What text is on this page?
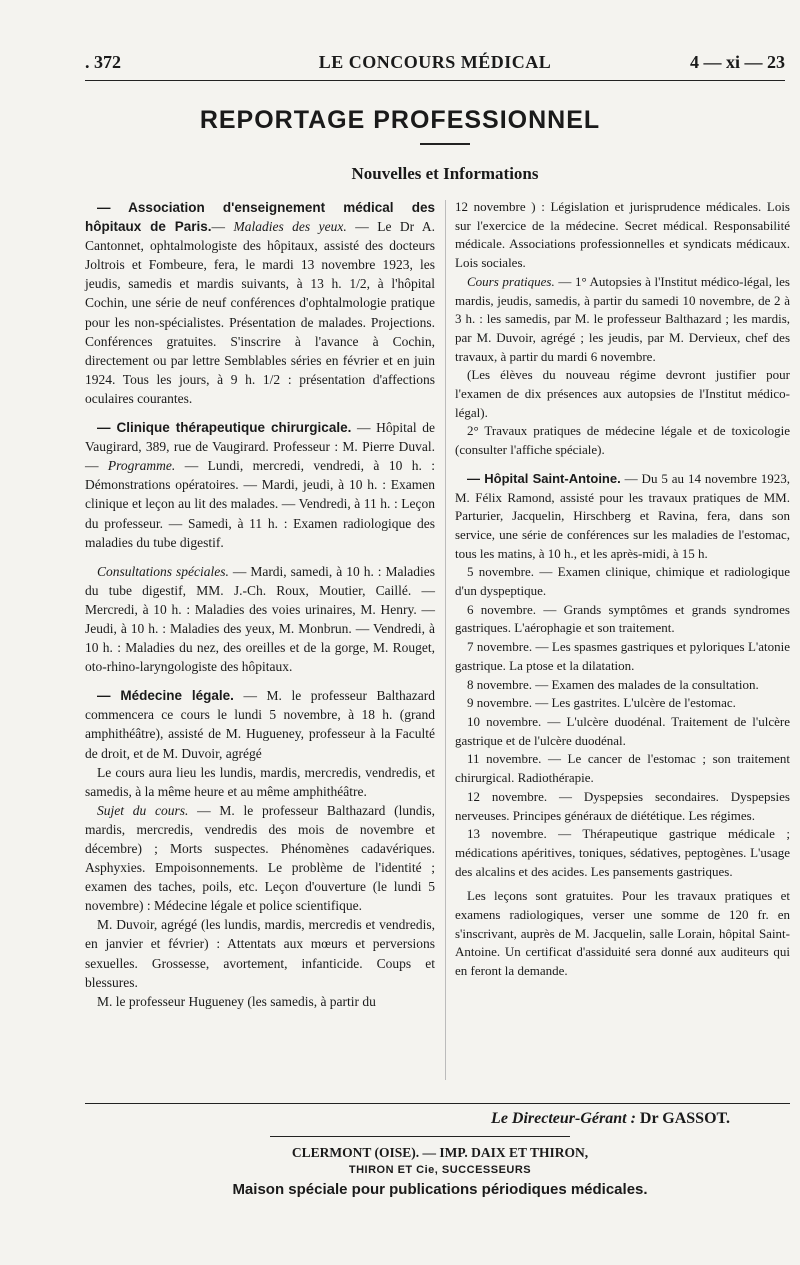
. 372	LE CONCOURS MÉDICAL	4 — xi — 23
REPORTAGE PROFESSIONNEL
Nouvelles et Informations

— Association d'enseignement médical des hôpitaux de Paris.— Maladies des yeux. — Le Dr A. Cantonnet, ophtalmologiste des hôpitaux, assisté des docteurs Joltrois et Fombeure, fera, le mardi 13 novembre 1923, les jeudis, samedis et mardis suivants, à 13 h. 1/2, à l'hôpital Cochin, une série de neuf conférences d'ophtalmologie pratique pour les non-spécialistes. Présentation de malades. Projections. Conférences gratuites. S'inscrire à l'avance à Cochin, directement ou par lettre Semblables séries en février et en juin 1924. Tous les jours, à 9 h. 1/2 : présentation d'affections oculaires courantes.

— Clinique thérapeutique chirurgicale. — Hôpital de Vaugirard, 389, rue de Vaugirard. Professeur : M. Pierre Duval. — Programme. — Lundi, mercredi, vendredi, à 10 h. : Démonstrations opératoires. — Mardi, jeudi, à 10 h. : Examen clinique et leçon au lit des malades. — Vendredi, à 11 h. : Leçon du professeur. — Samedi, à 11 h. : Examen radiologique des maladies du tube digestif.

Consultations spéciales. — Mardi, samedi, à 10 h. : Maladies du tube digestif, MM. J.-Ch. Roux, Moutier, Caillé. — Mercredi, à 10 h. : Maladies des voies urinaires, M. Henry. — Jeudi, à 10 h. : Maladies des yeux, M. Monbrun. — Vendredi, à 10 h. : Maladies du nez, des oreilles et de la gorge, M. Rouget, oto-rhino-laryngologiste des hôpitaux.

— Médecine légale. — M. le professeur Balthazard commencera ce cours le lundi 5 novembre, à 18 h. (grand amphithéâtre), assisté de M. Hugueney, professeur à la Faculté de droit, et de M. Duvoir, agrégé

Le cours aura lieu les lundis, mardis, mercredis, vendredis, et samedis, à la même heure et au même amphithéâtre.

Sujet du cours. — M. le professeur Balthazard (lundis, mardis, mercredis, vendredis des mois de novembre et décembre) ; Morts suspectes. Phénomènes cadavériques. Asphyxies. Empoisonnements. Le problème de l'identité ; examen des taches, poils, etc. Leçon d'ouverture (le lundi 5 novembre) : Médecine légale et police scientifique.

M. Duvoir, agrégé (les lundis, mardis, mercredis et vendredis, en janvier et février) : Attentats aux mœurs et perversions sexuelles. Grossesse, avortement, infanticide. Coups et blessures.

M. le professeur Hugueney (les samedis, à partir du

12 novembre ) : Législation et jurisprudence médicales. Lois sur l'exercice de la médecine. Secret médical. Responsabilité médicale. Associations professionnelles et syndicats médicaux. Lois sociales.

Cours pratiques. — 1° Autopsies à l'Institut médico-légal, les mardis, jeudis, samedis, à partir du samedi 10 novembre, de 2 à 3 h. : les samedis, par M. le professeur Balthazard ; les mardis, par M. Duvoir, agrégé ; les jeudis, par M. Dervieux, chef des travaux, à partir du mardi 6 novembre.

(Les élèves du nouveau régime devront justifier pour l'examen de dix présences aux autopsies de l'Institut médico-légal).

2° Travaux pratiques de médecine légale et de toxicologie (consulter l'affiche spéciale).

— Hôpital Saint-Antoine. — Du 5 au 14 novembre 1923, M. Félix Ramond, assisté pour les travaux pratiques de MM. Parturier, Jacquelin, Hirschberg et Ravina, fera, dans son service, une série de conférences sur les maladies de l'estomac, tous les matins, à 10 h., et les après-midi, à 15 h.

5 novembre. — Examen clinique, chimique et radiologique d'un dyspeptique.

6 novembre. — Grands symptômes et grands syndromes gastriques. L'aérophagie et son traitement.

7 novembre. — Les spasmes gastriques et pyloriques L'atonie gastrique. La ptose et la dilatation.

8 novembre. — Examen des malades de la consultation.

9 novembre. — Les gastrites. L'ulcère de l'estomac.

10 novembre. — L'ulcère duodénal. Traitement de l'ulcère gastrique et de l'ulcère duodénal.

11 novembre. — Le cancer de l'estomac ; son traitement chirurgical. Radiothérapie.

12 novembre. — Dyspepsies secondaires. Dyspepsies nerveuses. Principes généraux de diététique. Les régimes.

13 novembre. — Thérapeutique gastrique médicale ; médications apéritives, toniques, sédatives, peptogènes. L'usage des alcalins et des acides. Les pansements gastriques.

Les leçons sont gratuites. Pour les travaux pratiques et examens radiologiques, verser une somme de 120 fr. en s'inscrivant, auprès de M. Jacquelin, salle Lorain, hôpital Saint-Antoine. Un certificat d'assiduité sera donné aux auditeurs qui en feront la demande.

Le Directeur-Gérant : Dr GASSOT.
CLERMONT (OISE). — IMP. DAIX ET THIRON,
THIRON ET Cie, SUCCESSEURS
Maison spéciale pour publications périodiques médicales.
